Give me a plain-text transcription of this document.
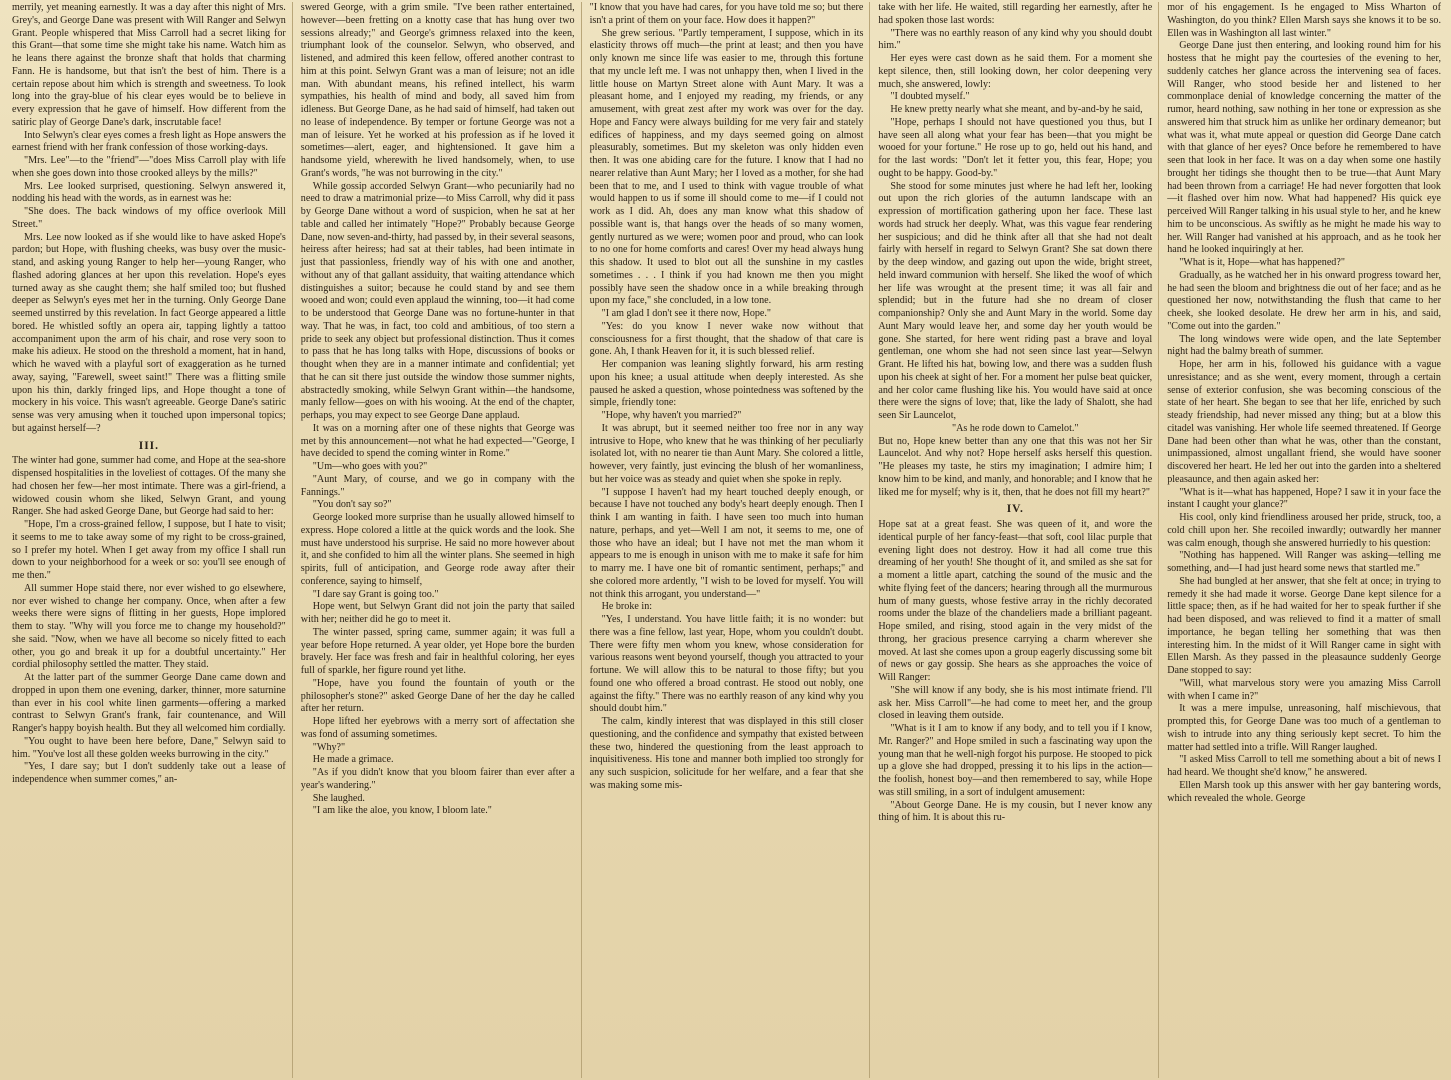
merrily, yet meaning earnestly. It was a day after this night of Mrs. Grey's, and George Dane was present with Will Ranger and Selwyn Grant. People whispered that Miss Carroll had a secret liking for this Grant—that some time she might take his name. Watch him as he leans there against the bronze shaft that holds that charming Fann. He is handsome, but that isn't the best of him. There is a certain repose about him which is strength and sweetness. To look long into the gray-blue of his clear eyes would be to believe in every expression that he gave of himself. How different from the satiric play of George Dane's dark, inscrutable face!

Into Selwyn's clear eyes comes a fresh light as Hope answers the earnest friend with her frank confession of those working-days.

"Mrs. Lee"—to the "friend"—"does Miss Carroll play with life when she goes down into those crooked alleys by the mills?"

Mrs. Lee looked surprised, questioning. Selwyn answered it, nodding his head with the words, as in earnest was he:

"She does. The back windows of my office overlook Mill Street."

Mrs. Lee now looked as if she would like to have asked Hope's pardon; but Hope, with flushing cheeks, was busy over the music-stand, and asking young Ranger to help her—young Ranger, who flashed adoring glances at her upon this revelation. Hope's eyes turned away as she caught them; she half smiled too; but flushed deeper as Selwyn's eyes met her in the turning. Only George Dane seemed unstirred by this revelation. In fact George appeared a little bored. He whistled softly an opera air, tapping lightly a tattoo accompaniment upon the arm of his chair, and rose very soon to make his adieux. He stood on the threshold a moment, hat in hand, which he waved with a playful sort of exaggeration as he turned away, saying, "Farewell, sweet saint!" There was a flitting smile upon his thin, darkly fringed lips, and Hope thought a tone of mockery in his voice. This wasn't agreeable. George Dane's satiric sense was very amusing when it touched upon impersonal topics; but against herself—?

III.

The winter had gone, summer had come, and Hope at the sea-shore dispensed hospitalities in the loveliest of cottages. Of the many she had chosen her few—her most intimate. There was a girl-friend, a widowed cousin whom she liked, Selwyn Grant, and young Ranger. She had asked George Dane, but George had said to her:

"Hope, I'm a cross-grained fellow, I suppose, but I hate to visit; it seems to me to take away some of my right to be cross-grained, so I prefer my hotel. When I get away from my office I shall run down to your neighborhood for a week or so: you'll see enough of me then."

All summer Hope staid there, nor ever wished to go elsewhere, nor ever wished to change her company. Once, when after a few weeks there were signs of flitting in her guests, Hope implored them to stay. "Why will you force me to change my household?" she said. "Now, when we have all become so nicely fitted to each other, you go and break it up for a doubtful uncertainty." Her cordial philosophy settled the matter. They staid.

At the latter part of the summer George Dane came down and dropped in upon them one evening, darker, thinner, more saturnine than ever in his cool white linen garments—offering a marked contrast to Selwyn Grant's frank, fair countenance, and Will Ranger's happy boyish health. But they all welcomed him cordially.

"You ought to have been here before, Dane," Selwyn said to him. "You've lost all these golden weeks burrowing in the city."

"Yes, I dare say; but I don't suddenly take out a lease of independence when summer comes," an-

swered George, with a grim smile. "I've been rather entertained, however—been fretting on a knotty case that has hung over two sessions already;" and George's grimness relaxed into the keen, triumphant look of the counselor. Selwyn, who observed, and listened, and admired this keen fellow, offered another contrast to him at this point. Selwyn Grant was a man of leisure; not an idle man. With abundant means, his refined intellect, his warm sympathies, his health of mind and body, all saved him from idleness. But George Dane, as he had said of himself, had taken out no lease of independence. By temper or fortune George was not a man of leisure. Yet he worked at his profession as if he loved it sometimes—alert, eager, and hightensioned. It gave him a handsome yield, wherewith he lived handsomely, when, to use Grant's words, "he was not burrowing in the city."

While gossip accorded Selwyn Grant—who pecuniarily had no need to draw a matrimonial prize—to Miss Carroll, why did it pass by George Dane without a word of suspicion, when he sat at her table and called her intimately "Hope?" Probably because George Dane, now seven-and-thirty, had passed by, in their several seasons, heiress after heiress; had sat at their tables, had been intimate in just that passionless, friendly way of his with one and another, without any of that gallant assiduity, that waiting attendance which distinguishes a suitor; because he could stand by and see them wooed and won; could even applaud the winning, too—it had come to be understood that George Dane was no fortune-hunter in that way. That he was, in fact, too cold and ambitious, of too stern a pride to seek any object but professional distinction. Thus it comes to pass that he has long talks with Hope, discussions of books or thought when they are in a manner intimate and confidential; yet that he can sit there just outside the window those summer nights, abstractedly smoking, while Selwyn Grant within—the handsome, manly fellow—goes on with his wooing. At the end of the chapter, perhaps, you may expect to see George Dane applaud.

It was on a morning after one of these nights that George was met by this announcement—not what he had expected—"George, I have decided to spend the coming winter in Rome."

"Um—who goes with you?"

"Aunt Mary, of course, and we go in company with the Fannings."

"You don't say so?"

George looked more surprise than he usually allowed himself to express. Hope colored a little at the quick words and the look. She must have understood his surprise. He said no more however about it, and she confided to him all the winter plans. She seemed in high spirits, full of anticipation, and George rode away after their conference, saying to himself,

"I dare say Grant is going too."

Hope went, but Selwyn Grant did not join the party that sailed with her; neither did he go to meet it.

The winter passed, spring came, summer again; it was full a year before Hope returned. A year older, yet Hope bore the burden bravely. Her face was fresh and fair in healthful coloring, her eyes full of sparkle, her figure round yet lithe.

"Hope, have you found the fountain of youth or the philosopher's stone?" asked George Dane of her the day he called after her return.

Hope lifted her eyebrows with a merry sort of affectation she was fond of assuming sometimes.

"Why?"

He made a grimace.

"As if you didn't know that you bloom fairer than ever after a year's wandering."

She laughed.

"I am like the aloe, you know, I bloom late."

"I know that you have had cares, for you have told me so; but there isn't a print of them on your face. How does it happen?"

She grew serious. "Partly temperament, I suppose, which in its elasticity throws off much—the print at least; and then you have only known me since life was easier to me, through this fortune that my uncle left me. I was not unhappy then, when I lived in the little house on Martyn Street alone with Aunt Mary. It was a pleasant home, and I enjoyed my reading, my friends, or any amusement, with great zest after my work was over for the day. Hope and Fancy were always building for me very fair and stately edifices of happiness, and my days seemed going on almost pleasurably, sometimes. But my skeleton was only hidden even then. It was one abiding care for the future. I know that I had no nearer relative than Aunt Mary; her I loved as a mother, for she had been that to me, and I used to think with vague trouble of what would happen to us if some ill should come to me—if I could not work as I did. Ah, does any man know what this shadow of possible want is, that hangs over the heads of so many women, gently nurtured as we were; women poor and proud, who can look to no one for home comforts and cares! Over my head always hung this shadow. It used to blot out all the sunshine in my castles sometimes . . . I think if you had known me then you might possibly have seen the shadow once in a while breaking through upon my face," she concluded, in a low tone.

"I am glad I don't see it there now, Hope."

"Yes: do you know I never wake now without that consciousness for a first thought, that the shadow of that care is gone. Ah, I thank Heaven for it, it is such blessed relief.

Her companion was leaning slightly forward, his arm resting upon his knee; a usual attitude when deeply interested. As she paused he asked a question, whose pointedness was softened by the simple, friendly tone:

"Hope, why haven't you married?"

It was abrupt, but it seemed neither too free nor in any way intrusive to Hope, who knew that he was thinking of her peculiarly isolated lot, with no nearer tie than Aunt Mary. She colored a little, however, very faintly, just evincing the blush of her womanliness, but her voice was as steady and quiet when she spoke in reply.

"I suppose I haven't had my heart touched deeply enough, or because I have not touched any body's heart deeply enough. Then I think I am wanting in faith. I have seen too much into human nature, perhaps, and yet—Well I am not, it seems to me, one of those who have an ideal; but I have not met the man whom it appears to me is enough in unison with me to make it safe for him to marry me. I have one bit of romantic sentiment, perhaps;" and she colored more ardently, "I wish to be loved for myself. You will not think this arrogant, you understand—"

He broke in:

"Yes, I understand. You have little faith; it is no wonder: but there was a fine fellow, last year, Hope, whom you couldn't doubt. There were fifty men whom you knew, whose consideration for various reasons went beyond yourself, though you attracted to your fortune. We will allow this to be natural to those fifty; but you found one who offered a broad contrast. He stood out nobly, one against the fifty." There was no earthly reason of any kind why you should doubt him."

The calm, kindly interest that was displayed in this still closer questioning, and the confidence and sympathy that existed between these two, hindered the questioning from the least approach to inquisitiveness. His tone and manner both implied too strongly for any such suspicion, solicitude for her welfare, and a fear that she was making some mis-

take with her life. He waited, still regarding her earnestly, after he had spoken those last words:

"There was no earthly reason of any kind why you should doubt him."

Her eyes were cast down as he said them. For a moment she kept silence, then, still looking down, her color deepening very much, she answered, lowly:

"I doubted myself."

He knew pretty nearly what she meant, and by-and-by he said,

"Hope, perhaps I should not have questioned you thus, but I have seen all along what your fear has been—that you might be wooed for your fortune." He rose up to go, held out his hand, and for the last words: "Don't let it fetter you, this fear, Hope; you ought to be happy. Good-by."

She stood for some minutes just where he had left her, looking out upon the rich glories of the autumn landscape with an expression of mortification gathering upon her face. These last words had struck her deeply. What, was this vague fear rendering her suspicious; and did he think after all that she had not dealt fairly with herself in regard to Selwyn Grant? She sat down there by the deep window, and gazing out upon the wide, bright street, held inward communion with herself. She liked the woof of which her life was wrought at the present time; it was all fair and splendid; but in the future had she no dream of closer companionship? Only she and Aunt Mary in the world. Some day Aunt Mary would leave her, and some day her youth would be gone. She started, for here went riding past a brave and loyal gentleman, one whom she had not seen since last year—Selwyn Grant. He lifted his hat, bowing low, and there was a sudden flush upon his cheek at sight of her. For a moment her pulse beat quicker, and her color came flushing like his. You would have said at once there were the signs of love; that, like the lady of Shalott, she had seen Sir Launcelot,

"As he rode down to Camelot."

But no, Hope knew better than any one that this was not her Sir Launcelot. And why not? Hope herself asks herself this question. "He pleases my taste, he stirs my imagination; I admire him; I know him to be kind, and manly, and honorable; and I know that he liked me for myself; why is it, then, that he does not fill my heart?"

IV.

Hope sat at a great feast. She was queen of it, and wore the identical purple of her fancy-feast—that soft, cool lilac purple that evening light does not destroy. How it had all come true this dreaming of her youth! She thought of it, and smiled as she sat for a moment a little apart, catching the sound of the music and the white flying feet of the dancers; hearing through all the murmurous hum of many guests, whose festive array in the richly decorated rooms under the blaze of the chandeliers made a brilliant pageant. Hope smiled, and rising, stood again in the very midst of the throng, her gracious presence carrying a charm wherever she moved. At last she comes upon a group eagerly discussing some bit of news or gay gossip. She hears as she approaches the voice of Will Ranger:

"She will know if any body, she is his most intimate friend. I'll ask her. Miss Carroll"—he had come to meet her, and the group closed in leaving them outside.

"What is it I am to know if any body, and to tell you if I know, Mr. Ranger?" and Hope smiled in such a fascinating way upon the young man that he well-nigh forgot his purpose. He stooped to pick up a glove she had dropped, pressing it to his lips in the action—the foolish, honest boy—and then remembered to say, while Hope was still smiling, in a sort of indulgent amusement:

"About George Dane. He is my cousin, but I never know any thing of him. It is about this ru-

mor of his engagement. Is he engaged to Miss Wharton of Washington, do you think? Ellen Marsh says she knows it to be so. Ellen was in Washington all last winter."

George Dane just then entering, and looking round him for his hostess that he might pay the courtesies of the evening to her, suddenly catches her glance across the intervening sea of faces. Will Ranger, who stood beside her and listened to her commonplace denial of knowledge concerning the matter of the rumor, heard nothing, saw nothing in her tone or expression as she answered him that struck him as unlike her ordinary demeanor; but what was it, what mute appeal or question did George Dane catch with that glance of her eyes? Once before he remembered to have seen that look in her face. It was on a day when some one hastily brought her tidings she thought then to be true—that Aunt Mary had been thrown from a carriage! He had never forgotten that look—it flashed over him now. What had happened? His quick eye perceived Will Ranger talking in his usual style to her, and he knew him to be unconscious. As swiftly as he might he made his way to her. Will Ranger had vanished at his approach, and as he took her hand he looked inquiringly at her.

"What is it, Hope—what has happened?"

Gradually, as he watched her in his onward progress toward her, he had seen the bloom and brightness die out of her face; and as he questioned her now, notwithstanding the flush that came to her cheek, she looked desolate. He drew her arm in his, and said, "Come out into the garden."

The long windows were wide open, and the late September night had the balmy breath of summer.

Hope, her arm in his, followed his guidance with a vague unresistance; and as she went, every moment, through a certain sense of exterior confusion, she was becoming conscious of the state of her heart. She began to see that her life, enriched by such steady friendship, had never missed any thing; but at a blow this citadel was vanishing. Her whole life seemed threatened. If George Dane had been other than what he was, other than the constant, unimpassioned, almost ungallant friend, she would have sooner discovered her heart. He led her out into the garden into a sheltered pleasaunce, and then again asked her:

"What is it—what has happened, Hope? I saw it in your face the instant I caught your glance?"

His cool, only kind friendliness aroused her pride, struck, too, a cold chill upon her. She recoiled inwardly; outwardly her manner was calm enough, though she answered hurriedly to his question:

"Nothing has happened. Will Ranger was asking—telling me something, and—I had just heard some news that startled me."

She had bungled at her answer, that she felt at once; in trying to remedy it she had made it worse. George Dane kept silence for a little space; then, as if he had waited for her to speak further if she had been disposed, and was relieved to find it a matter of small importance, he began telling her something that was then interesting him. In the midst of it Will Ranger came in sight with Ellen Marsh. As they passed in the pleasaunce suddenly George Dane stopped to say:

"Will, what marvelous story were you amazing Miss Carroll with when I came in?"

It was a mere impulse, unreasoning, half mischievous, that prompted this, for George Dane was too much of a gentleman to wish to intrude into any thing seriously kept secret. To him the matter had settled into a trifle. Will Ranger laughed.

"I asked Miss Carroll to tell me something about a bit of news I had heard. We thought she'd know," he answered.

Ellen Marsh took up this answer with her gay bantering words, which revealed the whole. George
